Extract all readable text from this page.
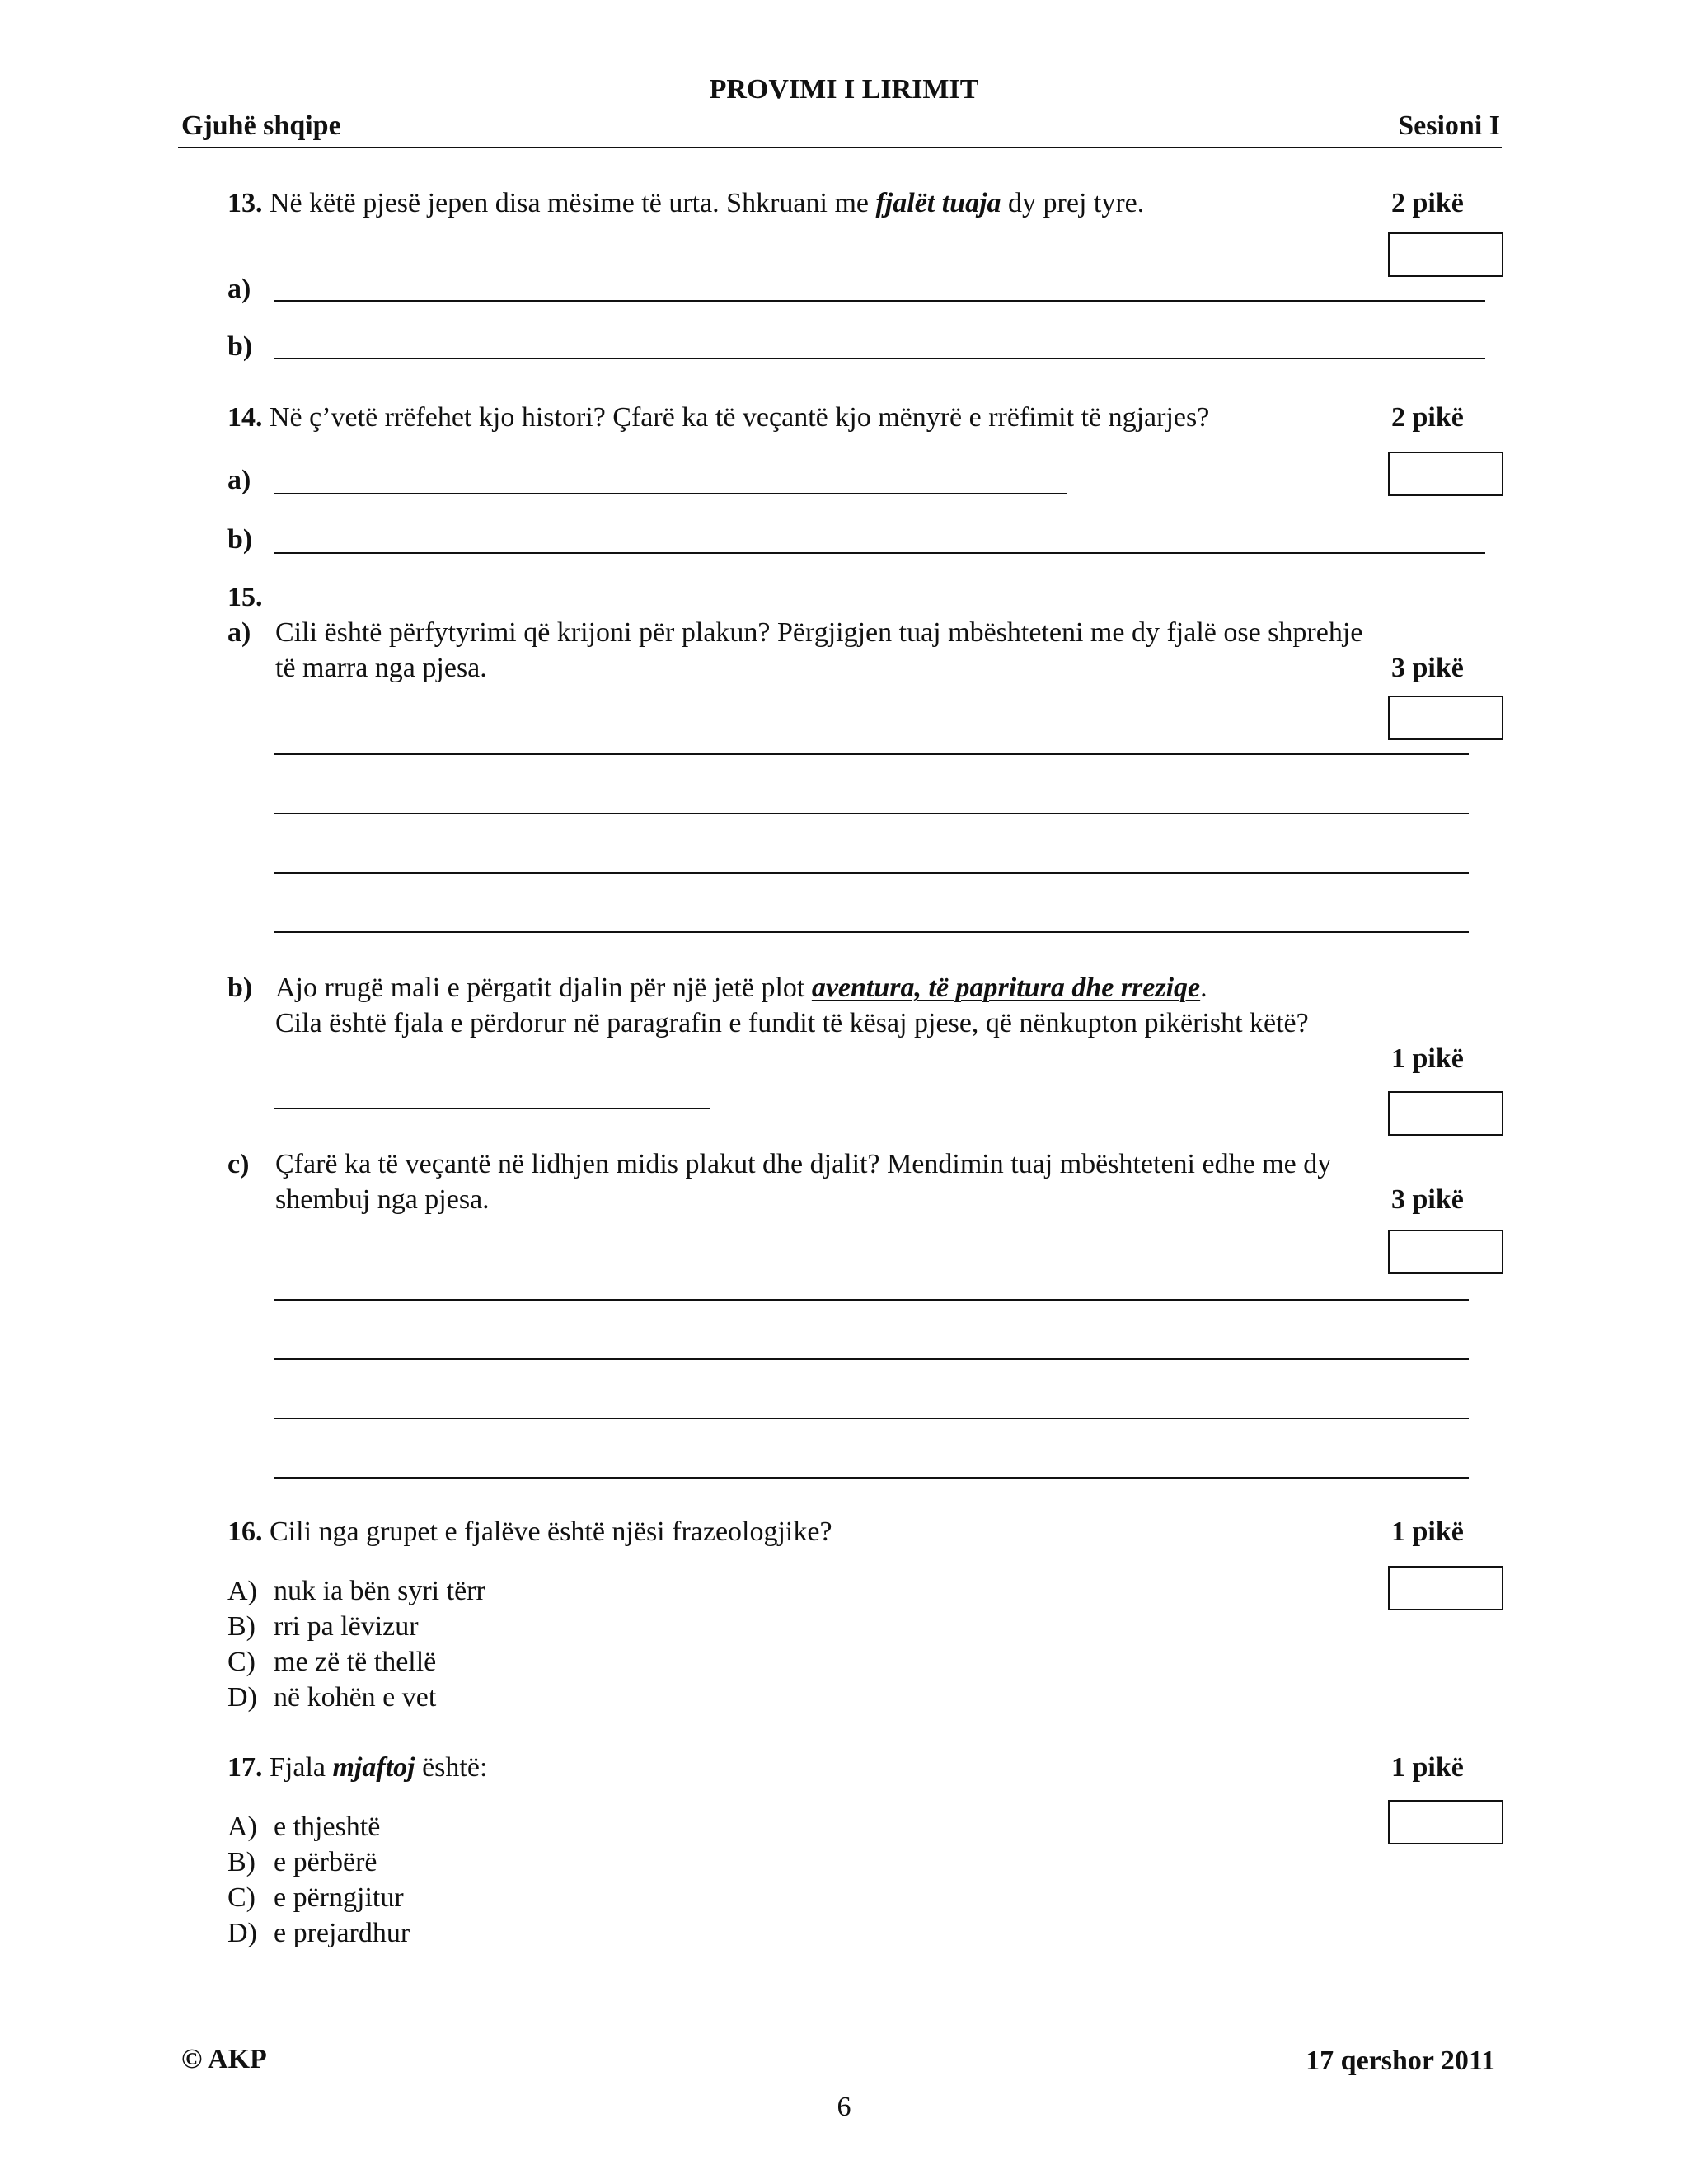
PROVIMI I LIRIMIT
Gjuhë shqipe	Sesioni I
13. Në këtë pjesë jepen disa mësime të urta. Shkruani me fjalët tuaja dy prej tyre.	2 pikë
a)
b)
14. Në ç’vetë rrëfehet kjo histori? Çfarë ka të veçantë kjo mënyrë e rrëfimit të ngjarjes?	2 pikë
a)
b)
15.
a) Cili është përfytyrimi që krijoni për plakun? Përgjigjen tuaj mbështeteni me dy fjalë ose shprehje
të marra nga pjesa.	3 pikë
b) Ajo rrugë mali e përgatit djalin për një jetë plot aventura, të papritura dhe rreziqe.
Cila është fjala e përdorur në paragrafin e fundit të kësaj pjese, që nënkupton pikërisht këtë?
1 pikë
c) Çfarë ka të veçantë në lidhjen midis plakut dhe djalit? Mendimin tuaj mbështeteni edhe me dy
shembuj nga pjesa.	3 pikë
16. Cili nga grupet e fjalëve është njësi frazeologjike?	1 pikë
A) nuk ia bën syri tërr
B) rri pa lëvizur
C) me zë të thellë
D) në kohën e vet
17. Fjala mjaftoj është:	1 pikë
A) e thjeshtë
B) e përbërë
C) e përngjitur
D) e prejardhur
© AKP	17 qershor 2011
6
